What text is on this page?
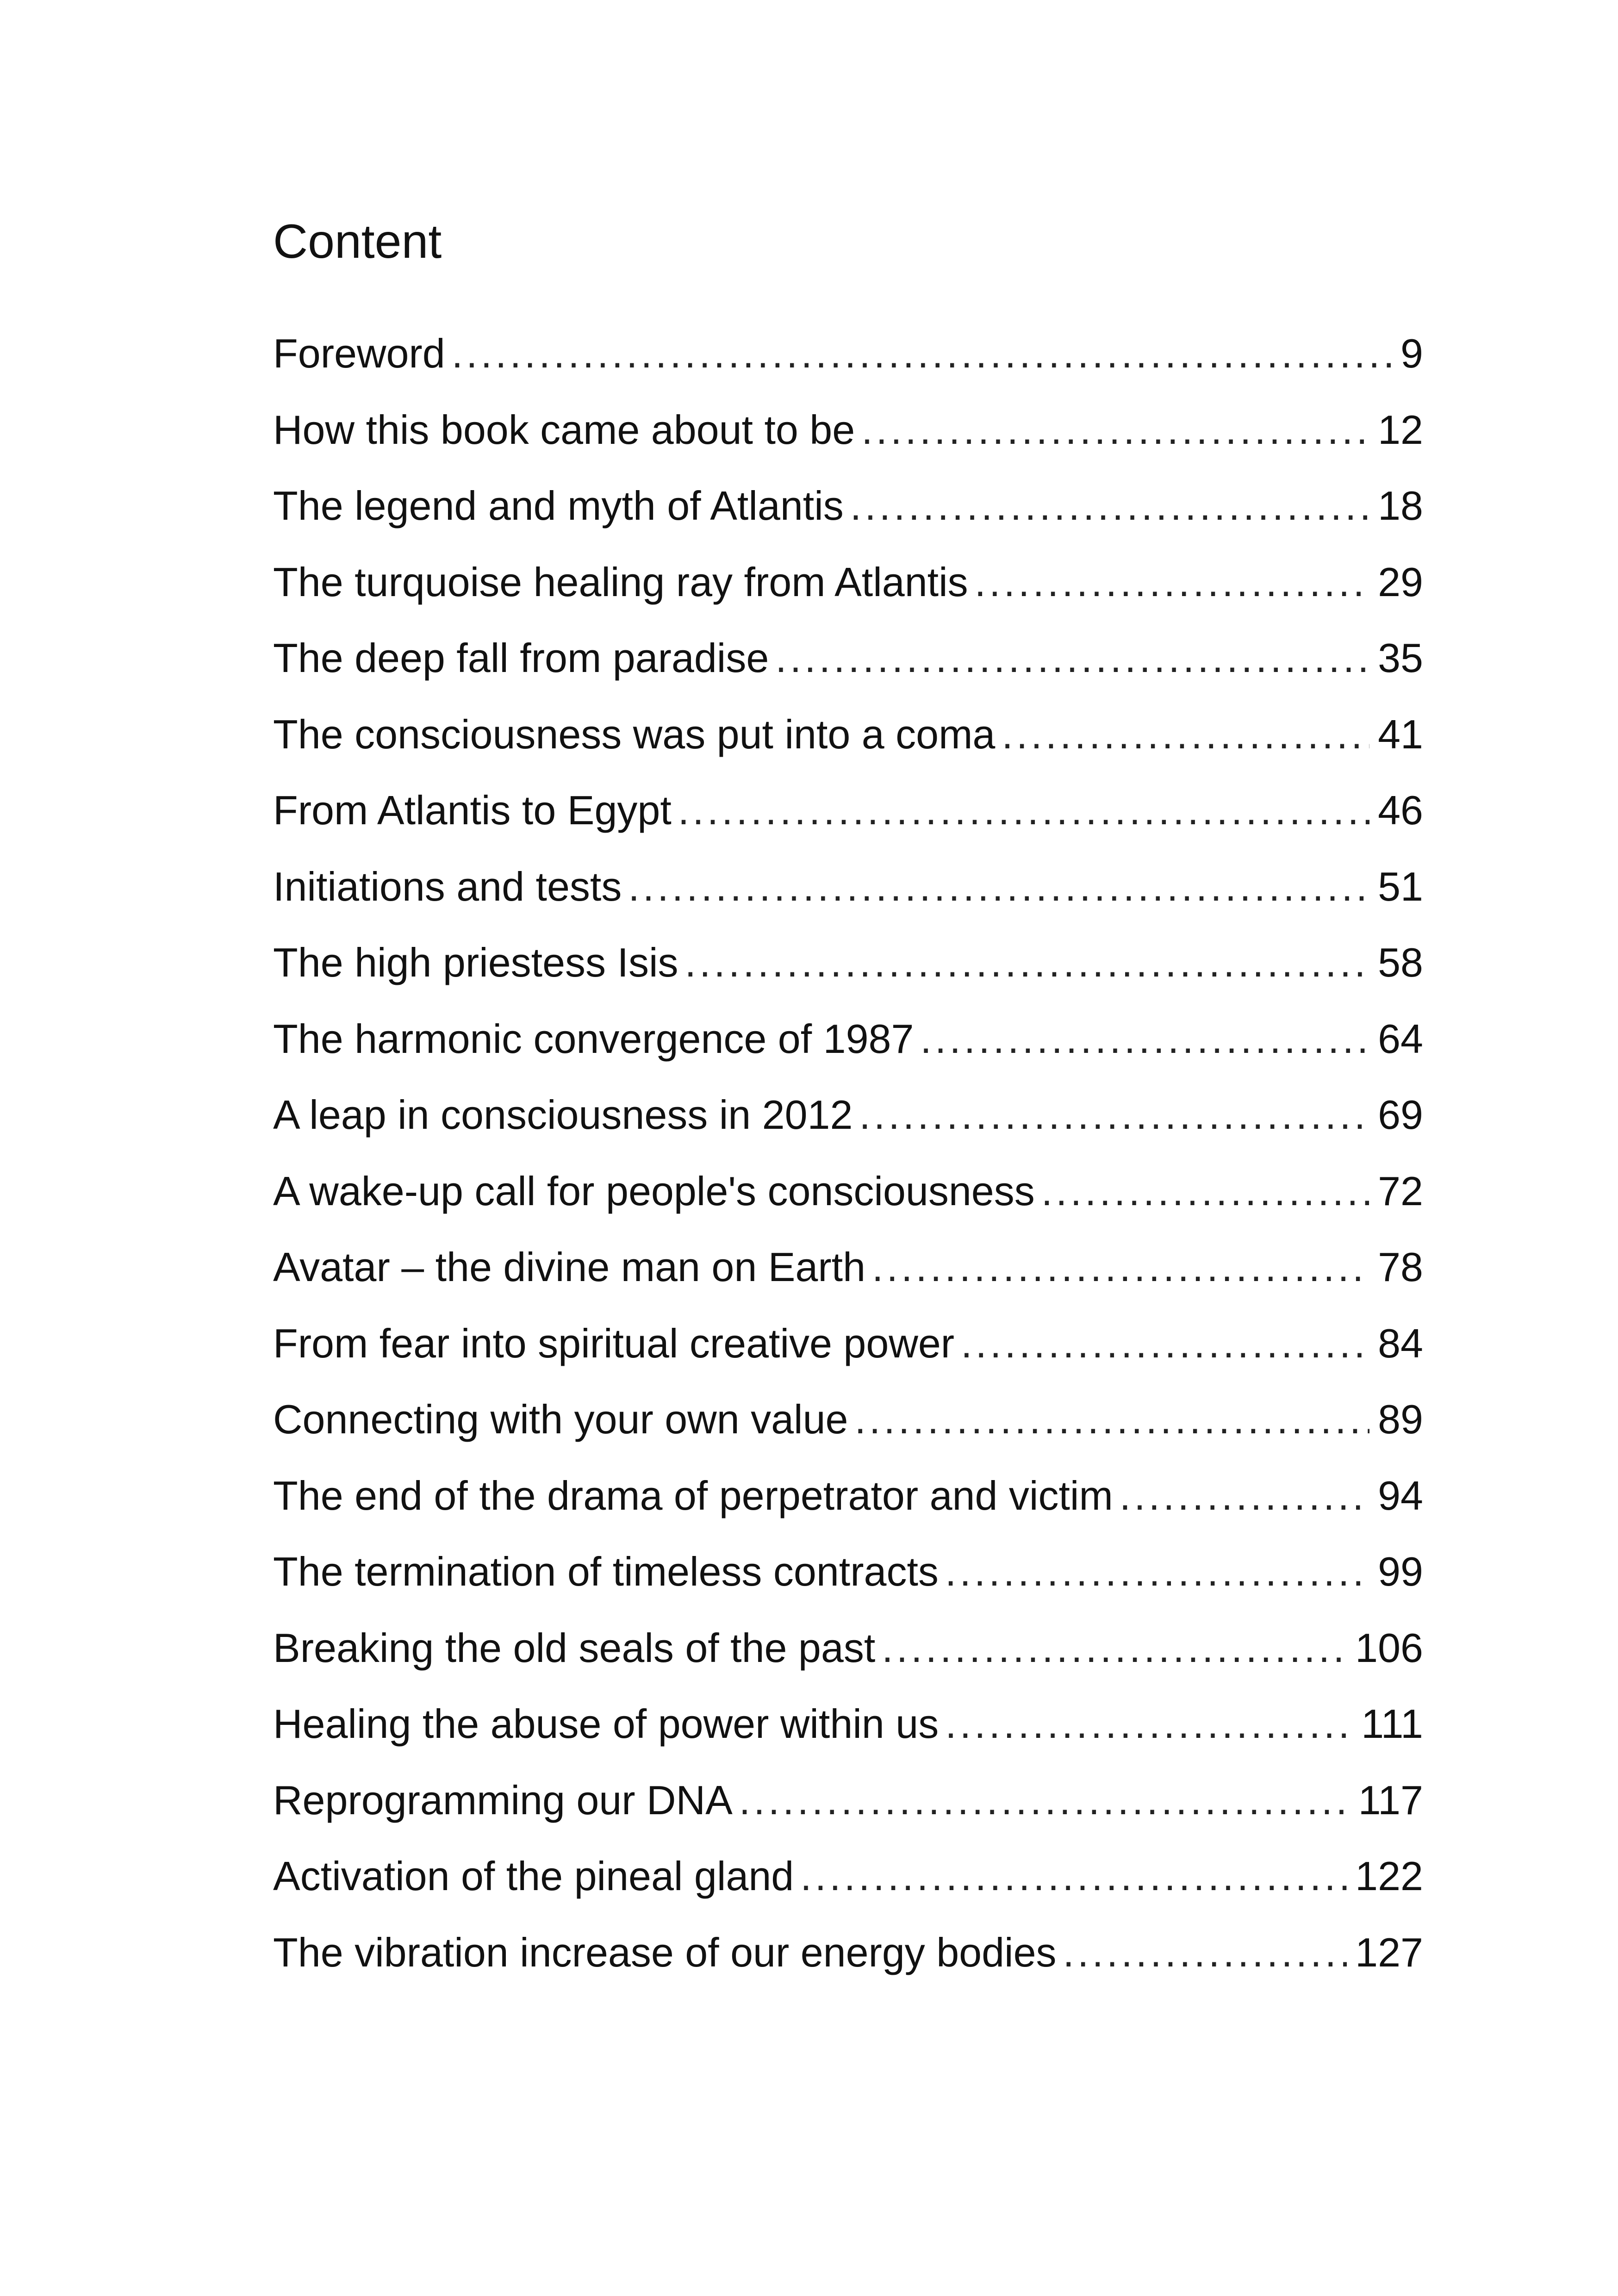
Content
Foreword .....	9
How this book came about to be .....	12
The legend and myth of Atlantis .....	18
The turquoise healing ray from Atlantis .....	29
The deep fall from paradise .....	35
The consciousness was put into a coma .....	41
From Atlantis to Egypt .....	46
Initiations and tests .....	51
The high priestess Isis .....	58
The harmonic convergence of 1987 .....	64
A leap in consciousness in 2012 .....	69
A wake-up call for people's consciousness .....	72
Avatar – the divine man on Earth .....	78
From fear into spiritual creative power .....	84
Connecting with your own value .....	89
The end of the drama of perpetrator and victim .....	94
The termination of timeless contracts .....	99
Breaking the old seals of the past .....	106
Healing the abuse of power within us .....	111
Reprogramming our DNA .....	117
Activation of the pineal gland .....	122
The vibration increase of our energy bodies .....	127
